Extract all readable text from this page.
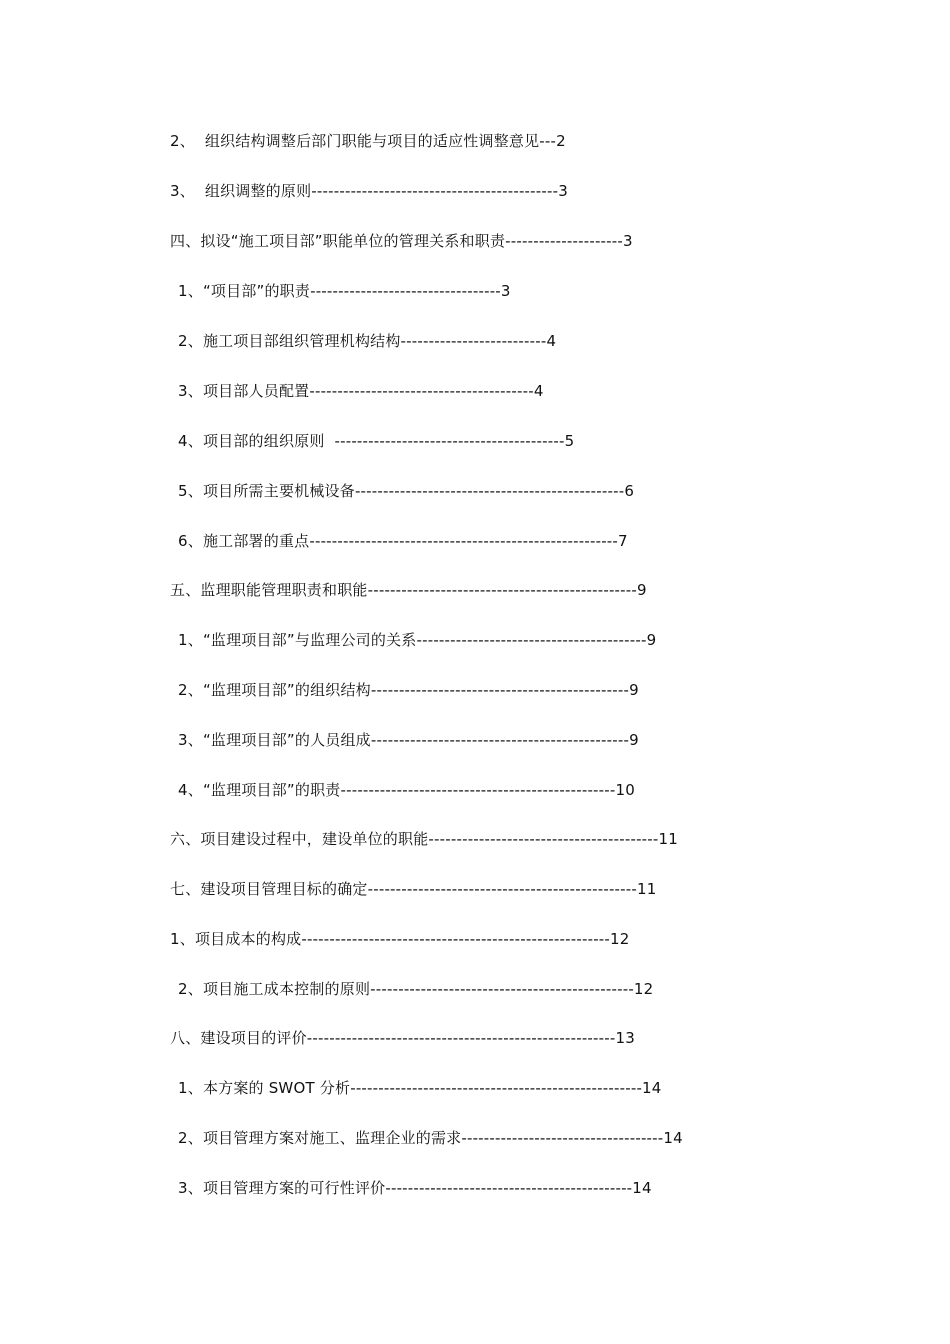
2、  组织结构调整后部门职能与项目的适应性调整意见---2
3、  组织调整的原则--------------------------------------------3
四、拟设“施工项目部”职能单位的管理关系和职责---------------------3
1、“项目部”的职责----------------------------------3
2、施工项目部组织管理机构结构--------------------------4
3、项目部人员配置----------------------------------------4
4、项目部的组织原则  -----------------------------------------5
5、项目所需主要机械设备------------------------------------------------6
6、施工部署的重点-------------------------------------------------------7
五、监理职能管理职责和职能------------------------------------------------9
1、“监理项目部”与监理公司的关系-----------------------------------------9
2、“监理项目部”的组织结构----------------------------------------------9
3、“监理项目部”的人员组成----------------------------------------------9
4、“监理项目部”的职责-------------------------------------------------10
六、项目建设过程中，建设单位的职能-----------------------------------------11
七、建设项目管理目标的确定------------------------------------------------11
1、项目成本的构成-------------------------------------------------------12
2、项目施工成本控制的原则-----------------------------------------------12
八、建设项目的评价-------------------------------------------------------13
1、本方案的 SWOT 分析----------------------------------------------------14
2、项目管理方案对施工、监理企业的需求------------------------------------14
3、项目管理方案的可行性评价--------------------------------------------14
